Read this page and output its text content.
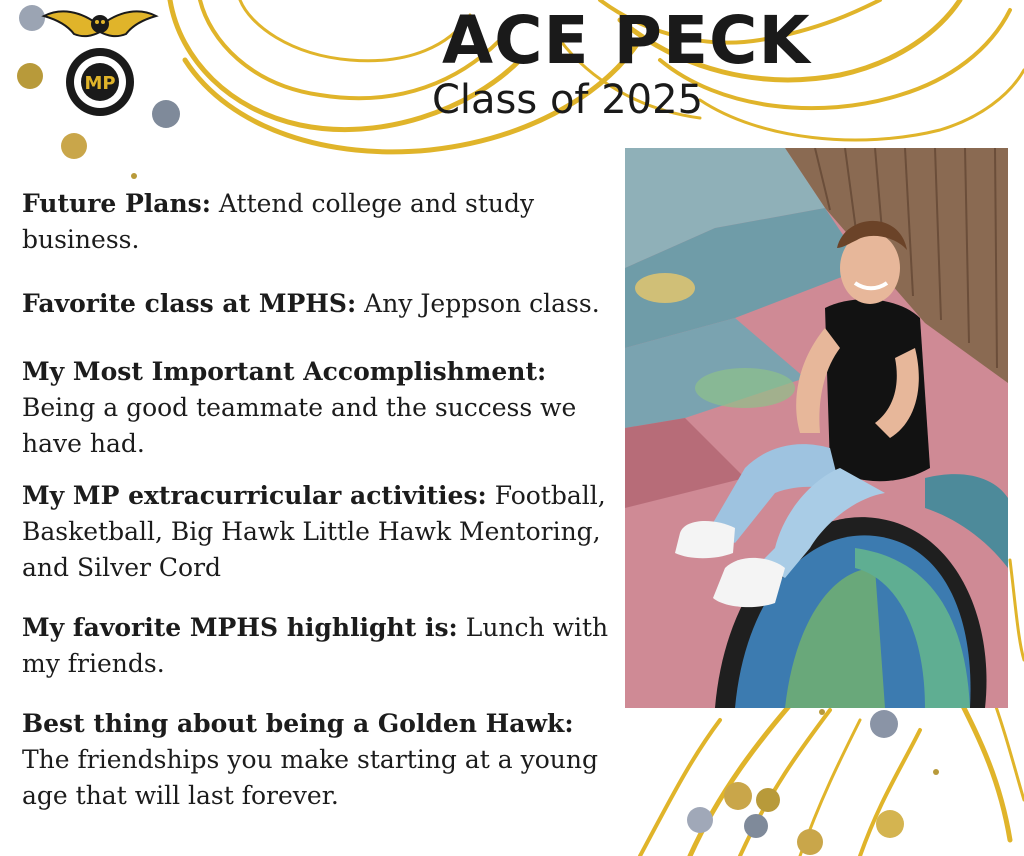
MP
ACE PECK
Class of 2025
Future Plans: Attend college and study business.
Favorite class at MPHS: Any Jeppson class.
My Most Important Accomplishment: Being a good teammate and the success we have had.
My MP extracurricular activities: Football, Basketball, Big Hawk Little Hawk Mentoring, and Silver Cord
My favorite MPHS highlight is: Lunch with my friends.
Best thing about being a Golden Hawk: The friendships you make starting at a young age that will last forever.
